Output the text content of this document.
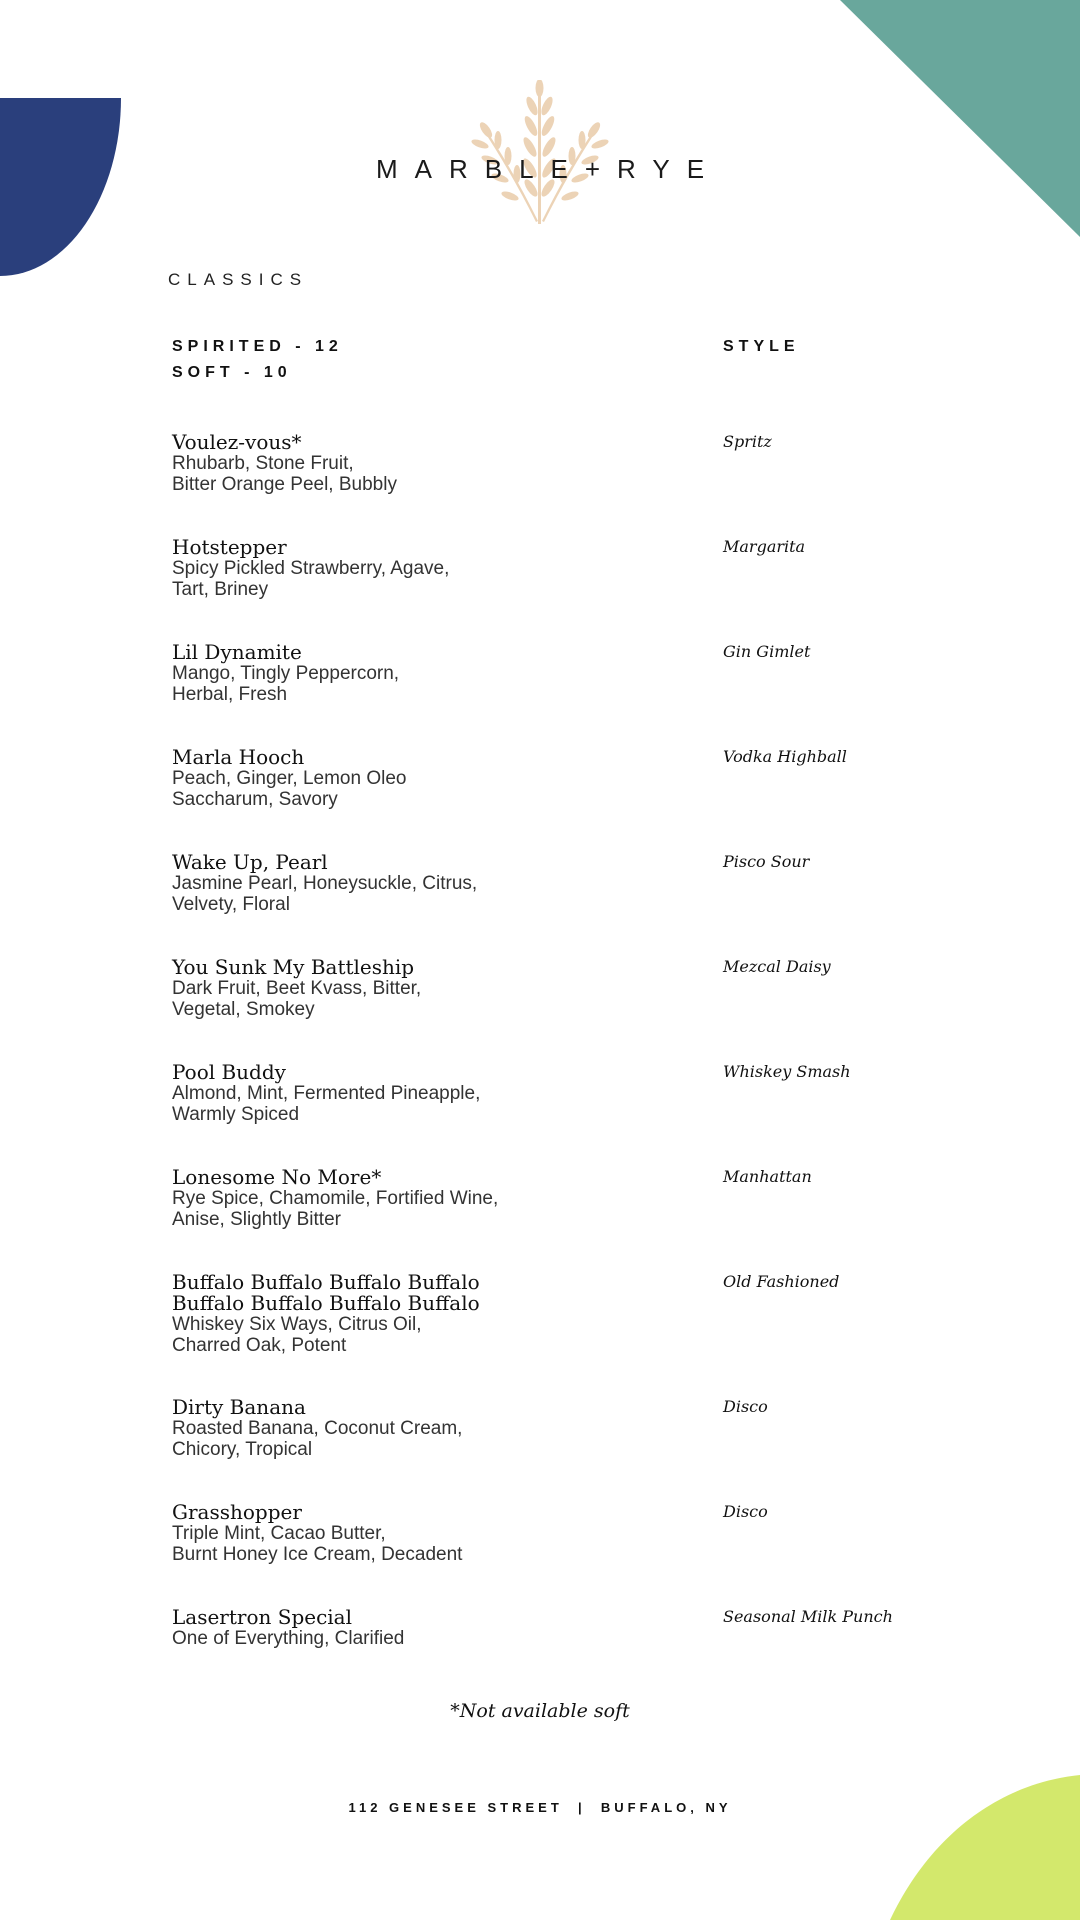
MARBLE+RYE
CLASSICS
SPIRITED - 12
SOFT - 10
STYLE
Voulez-vous*
Rhubarb, Stone Fruit,
Bitter Orange Peel, Bubbly
Spritz
Hotstepper
Spicy Pickled Strawberry, Agave,
Tart, Briney
Margarita
Lil Dynamite
Mango, Tingly Peppercorn,
Herbal, Fresh
Gin Gimlet
Marla Hooch
Peach, Ginger, Lemon Oleo
Saccharum, Savory
Vodka Highball
Wake Up, Pearl
Jasmine Pearl, Honeysuckle, Citrus,
Velvety, Floral
Pisco Sour
You Sunk My Battleship
Dark Fruit, Beet Kvass, Bitter,
Vegetal, Smokey
Mezcal Daisy
Pool Buddy
Almond, Mint, Fermented Pineapple,
Warmly Spiced
Whiskey Smash
Lonesome No More*
Rye Spice, Chamomile, Fortified Wine,
Anise, Slightly Bitter
Manhattan
Buffalo Buffalo Buffalo Buffalo
Buffalo Buffalo Buffalo Buffalo
Whiskey Six Ways, Citrus Oil,
Charred Oak, Potent
Old Fashioned
Dirty Banana
Roasted Banana, Coconut Cream,
Chicory, Tropical
Disco
Grasshopper
Triple Mint, Cacao Butter,
Burnt Honey Ice Cream, Decadent
Disco
Lasertron Special
One of Everything, Clarified
Seasonal Milk Punch
*Not available soft
112 GENESEE STREET  |  BUFFALO, NY
